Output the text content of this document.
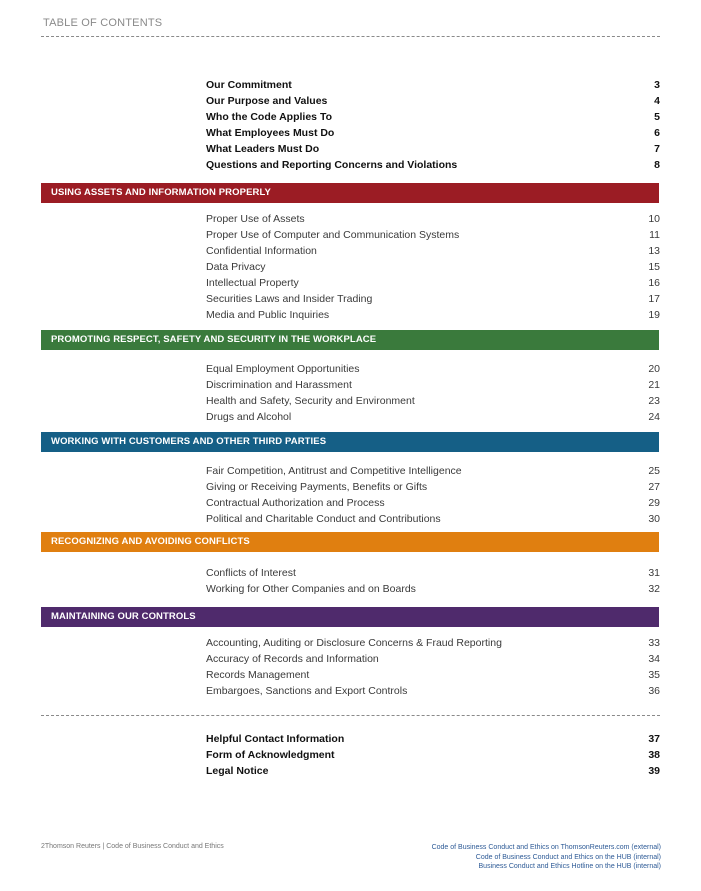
TABLE OF CONTENTS
Our Commitment	3
Our Purpose and Values	4
Who the Code Applies To	5
What Employees Must Do	6
What Leaders Must Do	7
Questions and Reporting Concerns and Violations	8
USING ASSETS AND INFORMATION PROPERLY
Proper Use of Assets	10
Proper Use of Computer and Communication Systems	11
Confidential Information	13
Data Privacy	15
Intellectual Property	16
Securities Laws and Insider Trading	17
Media and Public Inquiries	19
PROMOTING RESPECT, SAFETY AND SECURITY IN THE WORKPLACE
Equal Employment Opportunities	20
Discrimination and Harassment	21
Health and Safety, Security and Environment	23
Drugs and Alcohol	24
WORKING WITH CUSTOMERS AND OTHER THIRD PARTIES
Fair Competition, Antitrust and Competitive Intelligence	25
Giving or Receiving Payments, Benefits or Gifts	27
Contractual Authorization and Process	29
Political and Charitable Conduct and Contributions	30
RECOGNIZING AND AVOIDING CONFLICTS
Conflicts of Interest	31
Working for Other Companies and on Boards	32
MAINTAINING OUR CONTROLS
Accounting, Auditing or Disclosure Concerns & Fraud Reporting	33
Accuracy of Records and Information	34
Records Management	35
Embargoes, Sanctions and Export Controls	36
Helpful Contact Information	37
Form of Acknowledgment	38
Legal Notice	39
2Thomson Reuters | Code of Business Conduct and Ethics	Code of Business Conduct and Ethics on ThomsonReuters.com (external)
Code of Business Conduct and Ethics on the HUB (internal)
Business Conduct and Ethics Hotline on the HUB (internal)
